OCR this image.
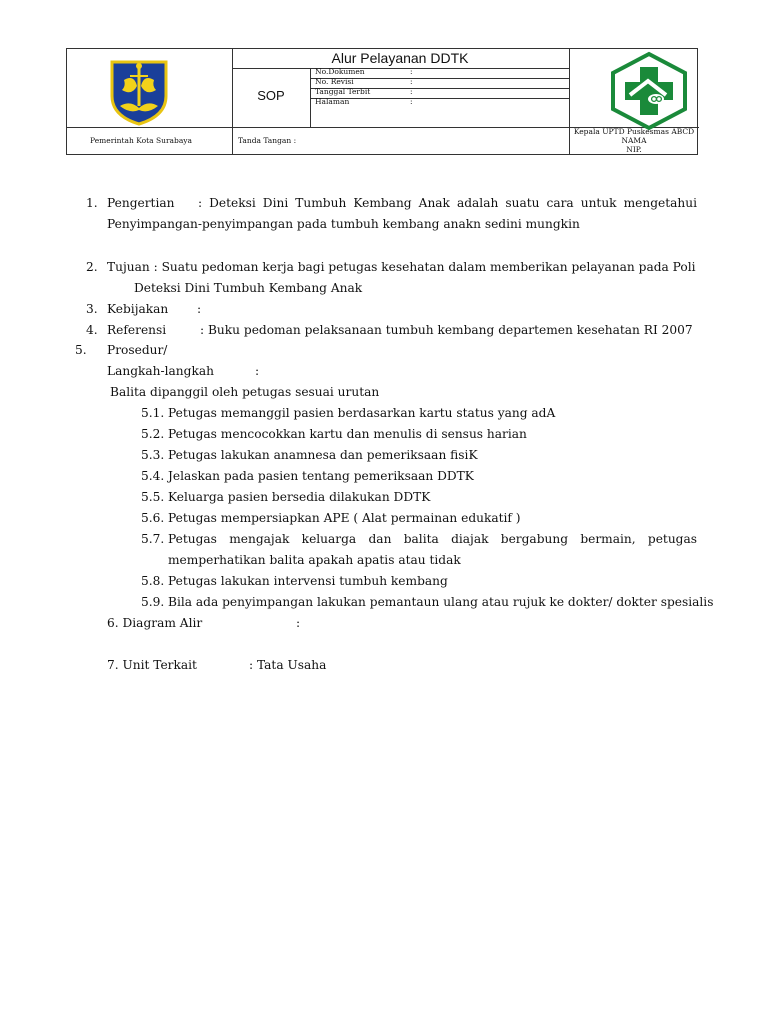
Alur Pelayanan DDTK
SOP
No.Dokumen	:
No. Revisi	:
Tanggal Terbit	:
Halaman	:
Pemerintah Kota Surabaya	Tanda Tangan :
Kepala UPTD Puskesmas ABCD
NAMA
NIP.
1. Pengertian : Deteksi Dini Tumbuh Kembang Anak adalah suatu cara untuk mengetahui
Penyimpangan-penyimpangan pada tumbuh kembang anakn sedini mungkin
2. Tujuan : Suatu pedoman kerja bagi petugas kesehatan dalam memberikan pelayanan pada Poli
Deteksi Dini Tumbuh Kembang Anak
3. Kebijakan :
4. Referensi	: Buku pedoman pelaksanaan tumbuh kembang departemen kesehatan RI 2007
5. Prosedur/
Langkah-langkah	:
Balita dipanggil oleh petugas sesuai urutan
5.1. Petugas memanggil pasien berdasarkan kartu status yang adA
5.2. Petugas mencocokkan kartu dan menulis di sensus harian
5.3. Petugas lakukan anamnesa dan pemeriksaan fisiK
5.4. Jelaskan pada pasien tentang pemeriksaan DDTK
5.5. Keluarga pasien bersedia dilakukan DDTK
5.6. Petugas mempersiapkan APE ( Alat permainan edukatif )
5.7. Petugas mengajak keluarga dan balita diajak bergabung bermain, petugas
memperhatikan balita apakah apatis atau tidak
5.8. Petugas lakukan intervensi tumbuh kembang
5.9. Bila ada penyimpangan lakukan pemantaun ulang atau rujuk ke dokter/ dokter spesialis
6. Diagram Alir	:
7. Unit Terkait	: Tata Usaha
